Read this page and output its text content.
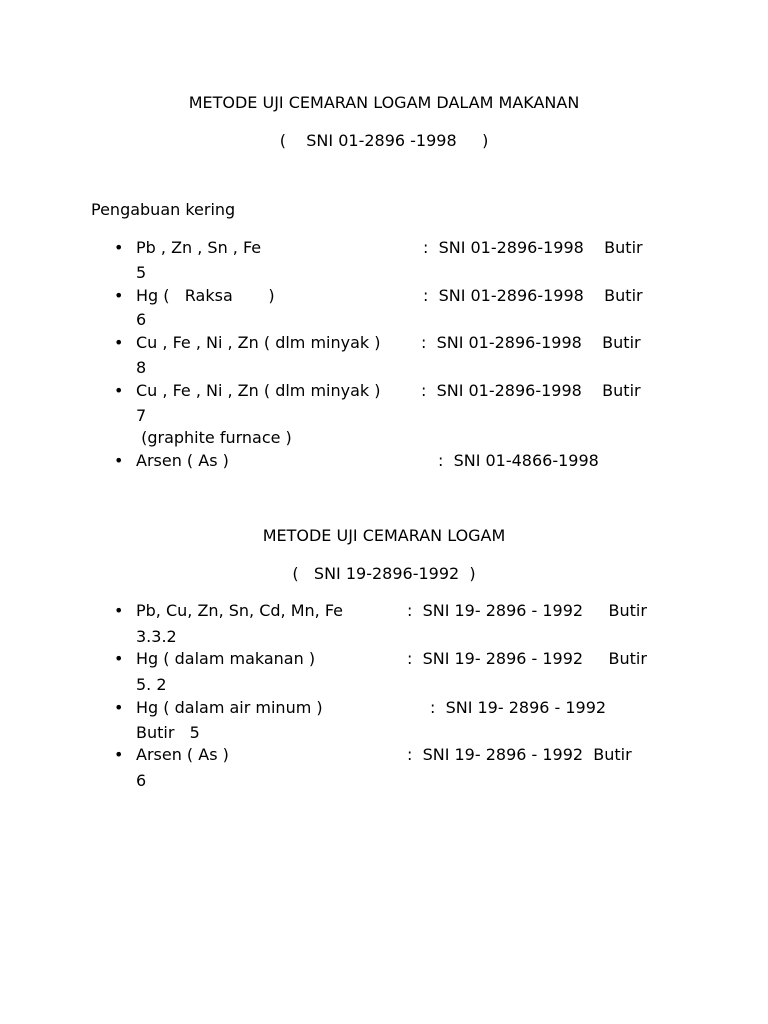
METODE UJI CEMARAN LOGAM DALAM MAKANAN
(    SNI 01-2896 -1998     )
Pengabuan kering
• Pb , Zn , Sn , Fe	:  SNI 01-2896-1998    Butir
5
• Hg (   Raksa       )	:  SNI 01-2896-1998    Butir
6
• Cu , Fe , Ni , Zn ( dlm minyak )	:  SNI 01-2896-1998    Butir
8
• Cu , Fe , Ni , Zn ( dlm minyak )	:  SNI 01-2896-1998    Butir
7
(graphite furnace )
• Arsen ( As )	:  SNI 01-4866-1998
METODE UJI CEMARAN LOGAM
(   SNI 19-2896-1992  )
• Pb, Cu, Zn, Sn, Cd, Mn, Fe	:  SNI 19- 2896 - 1992     Butir
3.3.2
• Hg ( dalam makanan )	:  SNI 19- 2896 - 1992     Butir
5. 2
• Hg ( dalam air minum )	:  SNI 19- 2896 - 1992
Butir   5
• Arsen ( As )	:  SNI 19- 2896 - 1992  Butir
6
